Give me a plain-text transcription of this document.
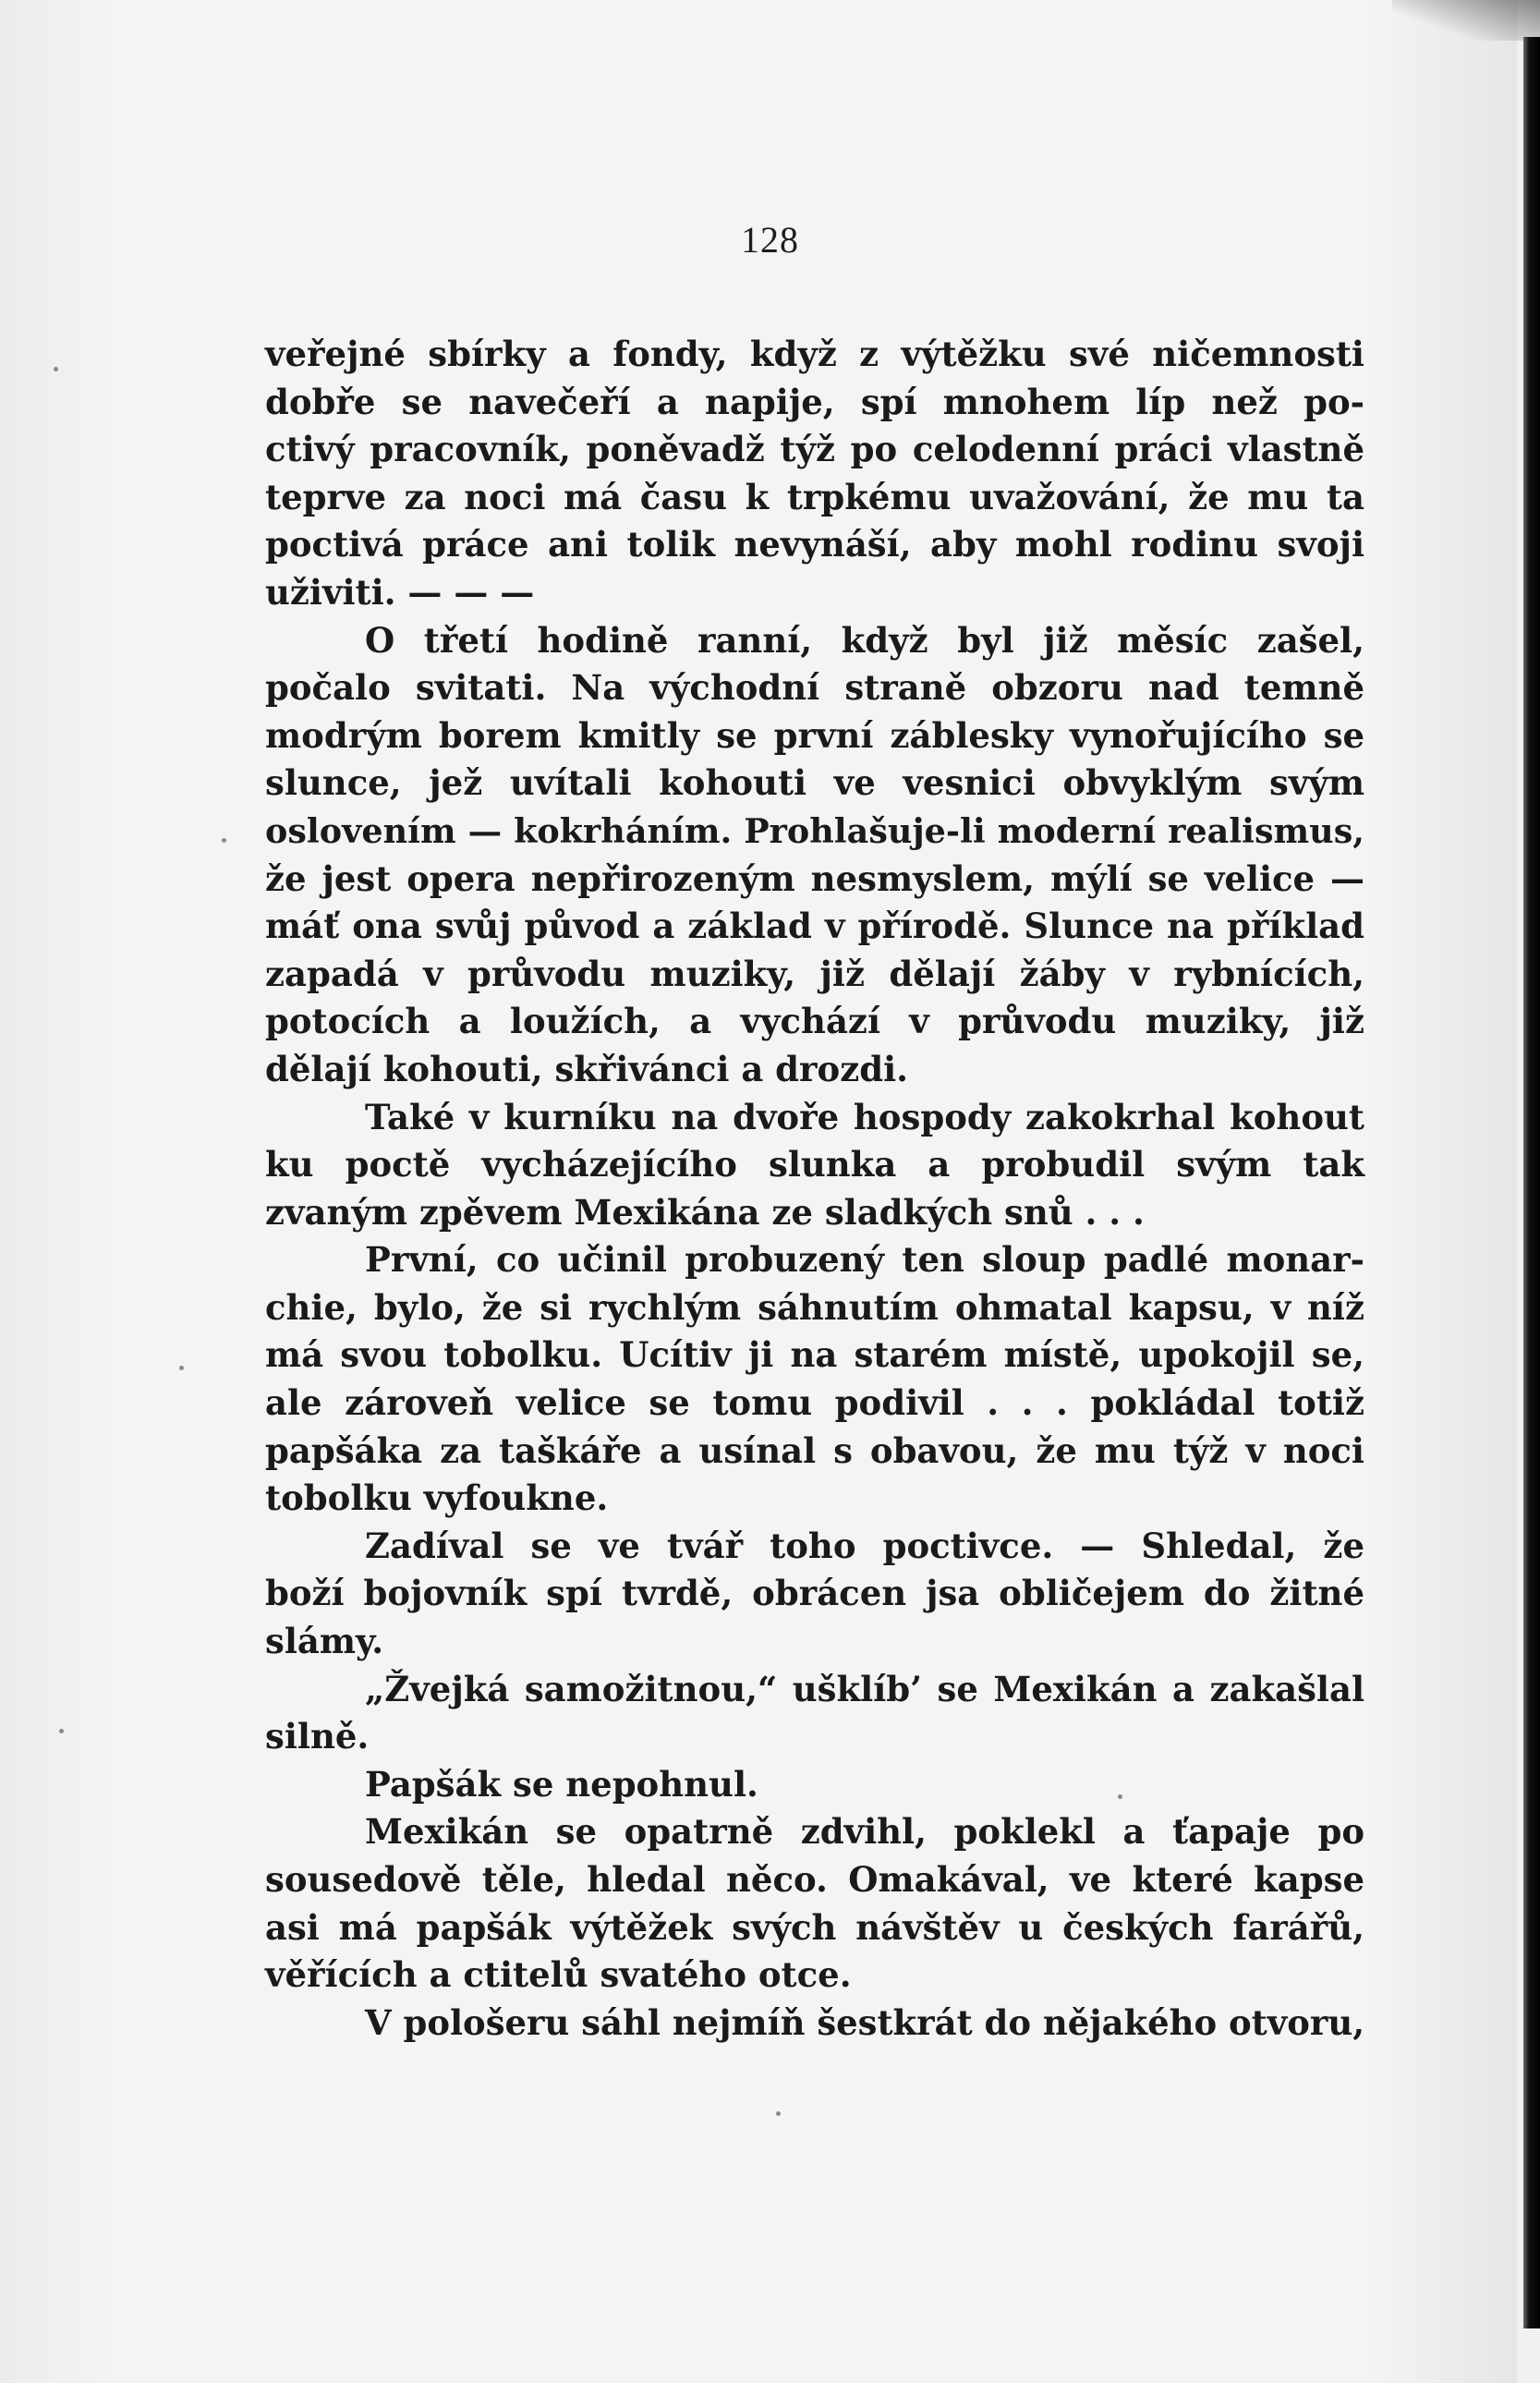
128
veřejné sbírky a fondy, když z výtěžku své ničemnosti
dobře se navečeří a napije, spí mnohem líp než po-
ctivý pracovník, poněvadž týž po celodenní práci vlastně
teprve za noci má času k trpkému uvažování, že mu ta
poctivá práce ani tolik nevynáší, aby mohl rodinu svoji
uživiti. — — —
O třetí hodině ranní, když byl již měsíc zašel,
počalo svitati. Na východní straně obzoru nad temně
modrým borem kmitly se první záblesky vynořujícího se
slunce, jež uvítali kohouti ve vesnici obvyklým svým
oslovením — kokrháním. Prohlašuje-li moderní realismus,
že jest opera nepřirozeným nesmyslem, mýlí se velice —
máť ona svůj původ a základ v přírodě. Slunce na příklad
zapadá v průvodu muziky, již dělají žáby v rybnících,
potocích a loužích, a vychází v průvodu muziky, již
dělají kohouti, skřivánci a drozdi.
Také v kurníku na dvoře hospody zakokrhal kohout
ku poctě vycházejícího slunka a probudil svým tak
zvaným zpěvem Mexikána ze sladkých snů . . .
První, co učinil probuzený ten sloup padlé monar-
chie, bylo, že si rychlým sáhnutím ohmatal kapsu, v níž
má svou tobolku. Ucítiv ji na starém místě, upokojil se,
ale zároveň velice se tomu podivil . . . pokládal totiž
papšáka za taškáře a usínal s obavou, že mu týž v noci
tobolku vyfoukne.
Zadíval se ve tvář toho poctivce. — Shledal, že
boží bojovník spí tvrdě, obrácen jsa obličejem do žitné
slámy.
„Žvejká samožitnou,“ ušklíb’ se Mexikán a zakašlal
silně.
Papšák se nepohnul.
Mexikán se opatrně zdvihl, poklekl a ťapaje po
sousedově těle, hledal něco. Omakával, ve které kapse
asi má papšák výtěžek svých návštěv u českých farářů,
věřících a ctitelů svatého otce.
V pološeru sáhl nejmíň šestkrát do nějakého otvoru,
